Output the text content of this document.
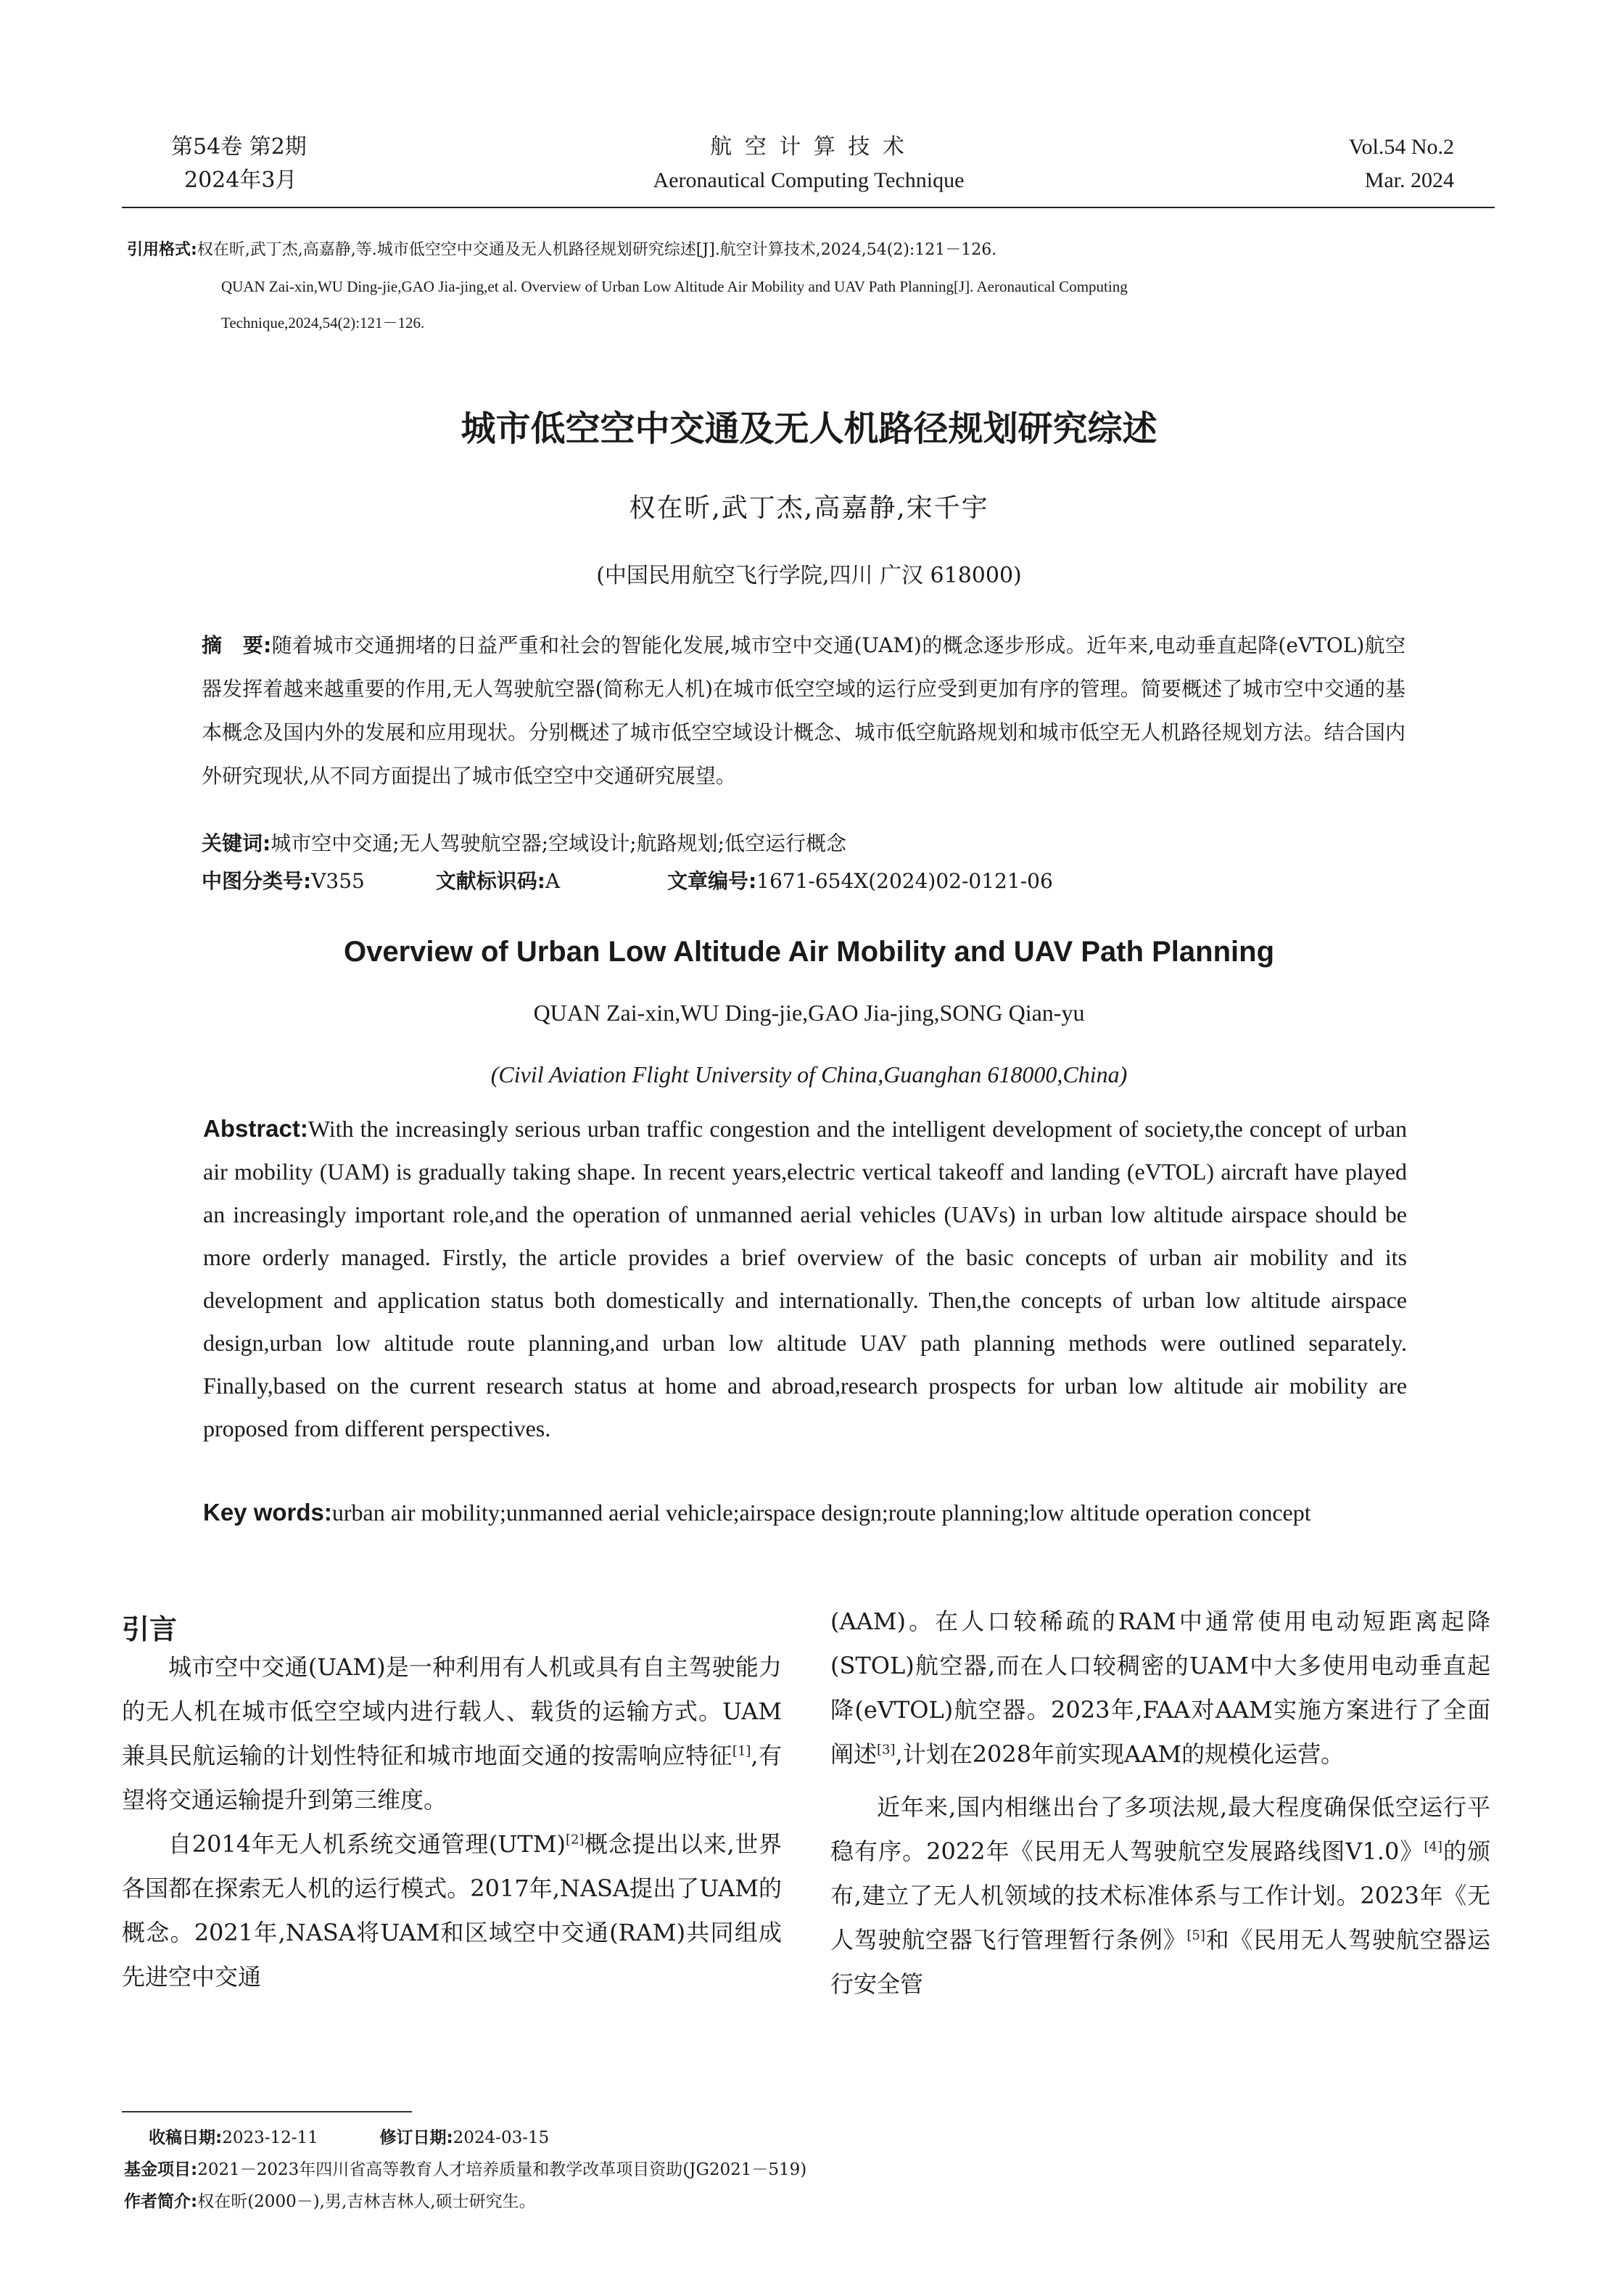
第54卷 第2期
2024年3月
航 空 计 算 技 术
Aeronautical Computing Technique
Vol.54 No.2
Mar. 2024
引用格式:权在昕,武丁杰,高嘉静,等.城市低空空中交通及无人机路径规划研究综述[J].航空计算技术,2024,54(2):121－126.
QUAN Zai-xin,WU Ding-jie,GAO Jia-jing,et al. Overview of Urban Low Altitude Air Mobility and UAV Path Planning[J]. Aeronautical Computing
Technique,2024,54(2):121－126.
城市低空空中交通及无人机路径规划研究综述
权在昕,武丁杰,高嘉静,宋千宇
(中国民用航空飞行学院,四川 广汉 618000)
摘　要:随着城市交通拥堵的日益严重和社会的智能化发展,城市空中交通(UAM)的概念逐步形成。近年来,电动垂直起降(eVTOL)航空器发挥着越来越重要的作用,无人驾驶航空器(简称无人机)在城市低空空域的运行应受到更加有序的管理。简要概述了城市空中交通的基本概念及国内外的发展和应用现状。分别概述了城市低空空域设计概念、城市低空航路规划和城市低空无人机路径规划方法。结合国内外研究现状,从不同方面提出了城市低空空中交通研究展望。
关键词:城市空中交通;无人驾驶航空器;空域设计;航路规划;低空运行概念
中图分类号:V355	文献标识码:A	文章编号:1671-654X(2024)02-0121-06
Overview of Urban Low Altitude Air Mobility and UAV Path Planning
QUAN Zai-xin,WU Ding-jie,GAO Jia-jing,SONG Qian-yu
(Civil Aviation Flight University of China,Guanghan 618000,China)
Abstract:With the increasingly serious urban traffic congestion and the intelligent development of society,the concept of urban air mobility (UAM) is gradually taking shape. In recent years,electric vertical takeoff and landing (eVTOL) aircraft have played an increasingly important role,and the operation of unmanned aerial vehicles (UAVs) in urban low altitude airspace should be more orderly managed. Firstly, the article provides a brief overview of the basic concepts of urban air mobility and its development and application status both domestically and internationally. Then,the concepts of urban low altitude airspace design,urban low altitude route planning,and urban low altitude UAV path planning methods were outlined separately. Finally,based on the current research status at home and abroad,research prospects for urban low altitude air mobility are proposed from different perspectives.
Key words:urban air mobility;unmanned aerial vehicle;airspace design;route planning;low altitude operation concept
引言

城市空中交通(UAM)是一种利用有人机或具有自主驾驶能力的无人机在城市低空空域内进行载人、载货的运输方式。UAM兼具民航运输的计划性特征和城市地面交通的按需响应特征[1],有望将交通运输提升到第三维度。

自2014年无人机系统交通管理(UTM)[2]概念提出以来,世界各国都在探索无人机的运行模式。2017年,NASA提出了UAM的概念。2021年,NASA将UAM和区域空中交通(RAM)共同组成先进空中交通

(AAM)。在人口较稀疏的RAM中通常使用电动短距离起降(STOL)航空器,而在人口较稠密的UAM中大多使用电动垂直起降(eVTOL)航空器。2023年,FAA对AAM实施方案进行了全面阐述[3],计划在2028年前实现AAM的规模化运营。

近年来,国内相继出台了多项法规,最大程度确保低空运行平稳有序。2022年《民用无人驾驶航空发展路线图V1.0》[4]的颁布,建立了无人机领域的技术标准体系与工作计划。2023年《无人驾驶航空器飞行管理暂行条例》[5]和《民用无人驾驶航空器运行安全管

收稿日期:2023-12-11	修订日期:2024-03-15
基金项目:2021－2023年四川省高等教育人才培养质量和教学改革项目资助(JG2021－519)
作者简介:权在昕(2000－),男,吉林吉林人,硕士研究生。
